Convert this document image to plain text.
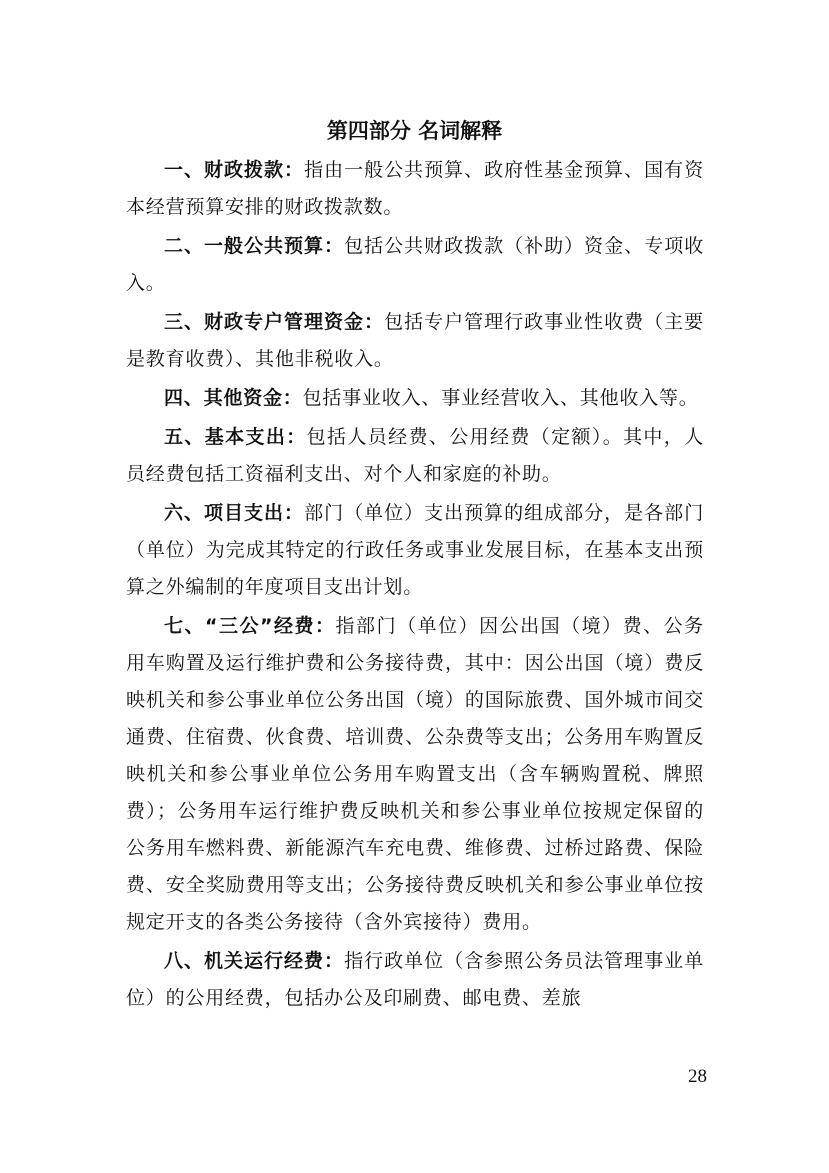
第四部分 名词解释

一、财政拨款：指由一般公共预算、政府性基金预算、国有资本经营预算安排的财政拨款数。

二、一般公共预算：包括公共财政拨款（补助）资金、专项收入。

三、财政专户管理资金：包括专户管理行政事业性收费（主要是教育收费）、其他非税收入。

四、其他资金：包括事业收入、事业经营收入、其他收入等。

五、基本支出：包括人员经费、公用经费（定额）。其中，人员经费包括工资福利支出、对个人和家庭的补助。

六、项目支出：部门（单位）支出预算的组成部分，是各部门（单位）为完成其特定的行政任务或事业发展目标，在基本支出预算之外编制的年度项目支出计划。

七、“三公”经费：指部门（单位）因公出国（境）费、公务用车购置及运行维护费和公务接待费，其中：因公出国（境）费反映机关和参公事业单位公务出国（境）的国际旅费、国外城市间交通费、住宿费、伙食费、培训费、公杂费等支出；公务用车购置反映机关和参公事业单位公务用车购置支出（含车辆购置税、牌照费）；公务用车运行维护费反映机关和参公事业单位按规定保留的公务用车燃料费、新能源汽车充电费、维修费、过桥过路费、保险费、安全奖励费用等支出；公务接待费反映机关和参公事业单位按规定开支的各类公务接待（含外宾接待）费用。

八、机关运行经费：指行政单位（含参照公务员法管理事业单位）的公用经费，包括办公及印刷费、邮电费、差旅

28
